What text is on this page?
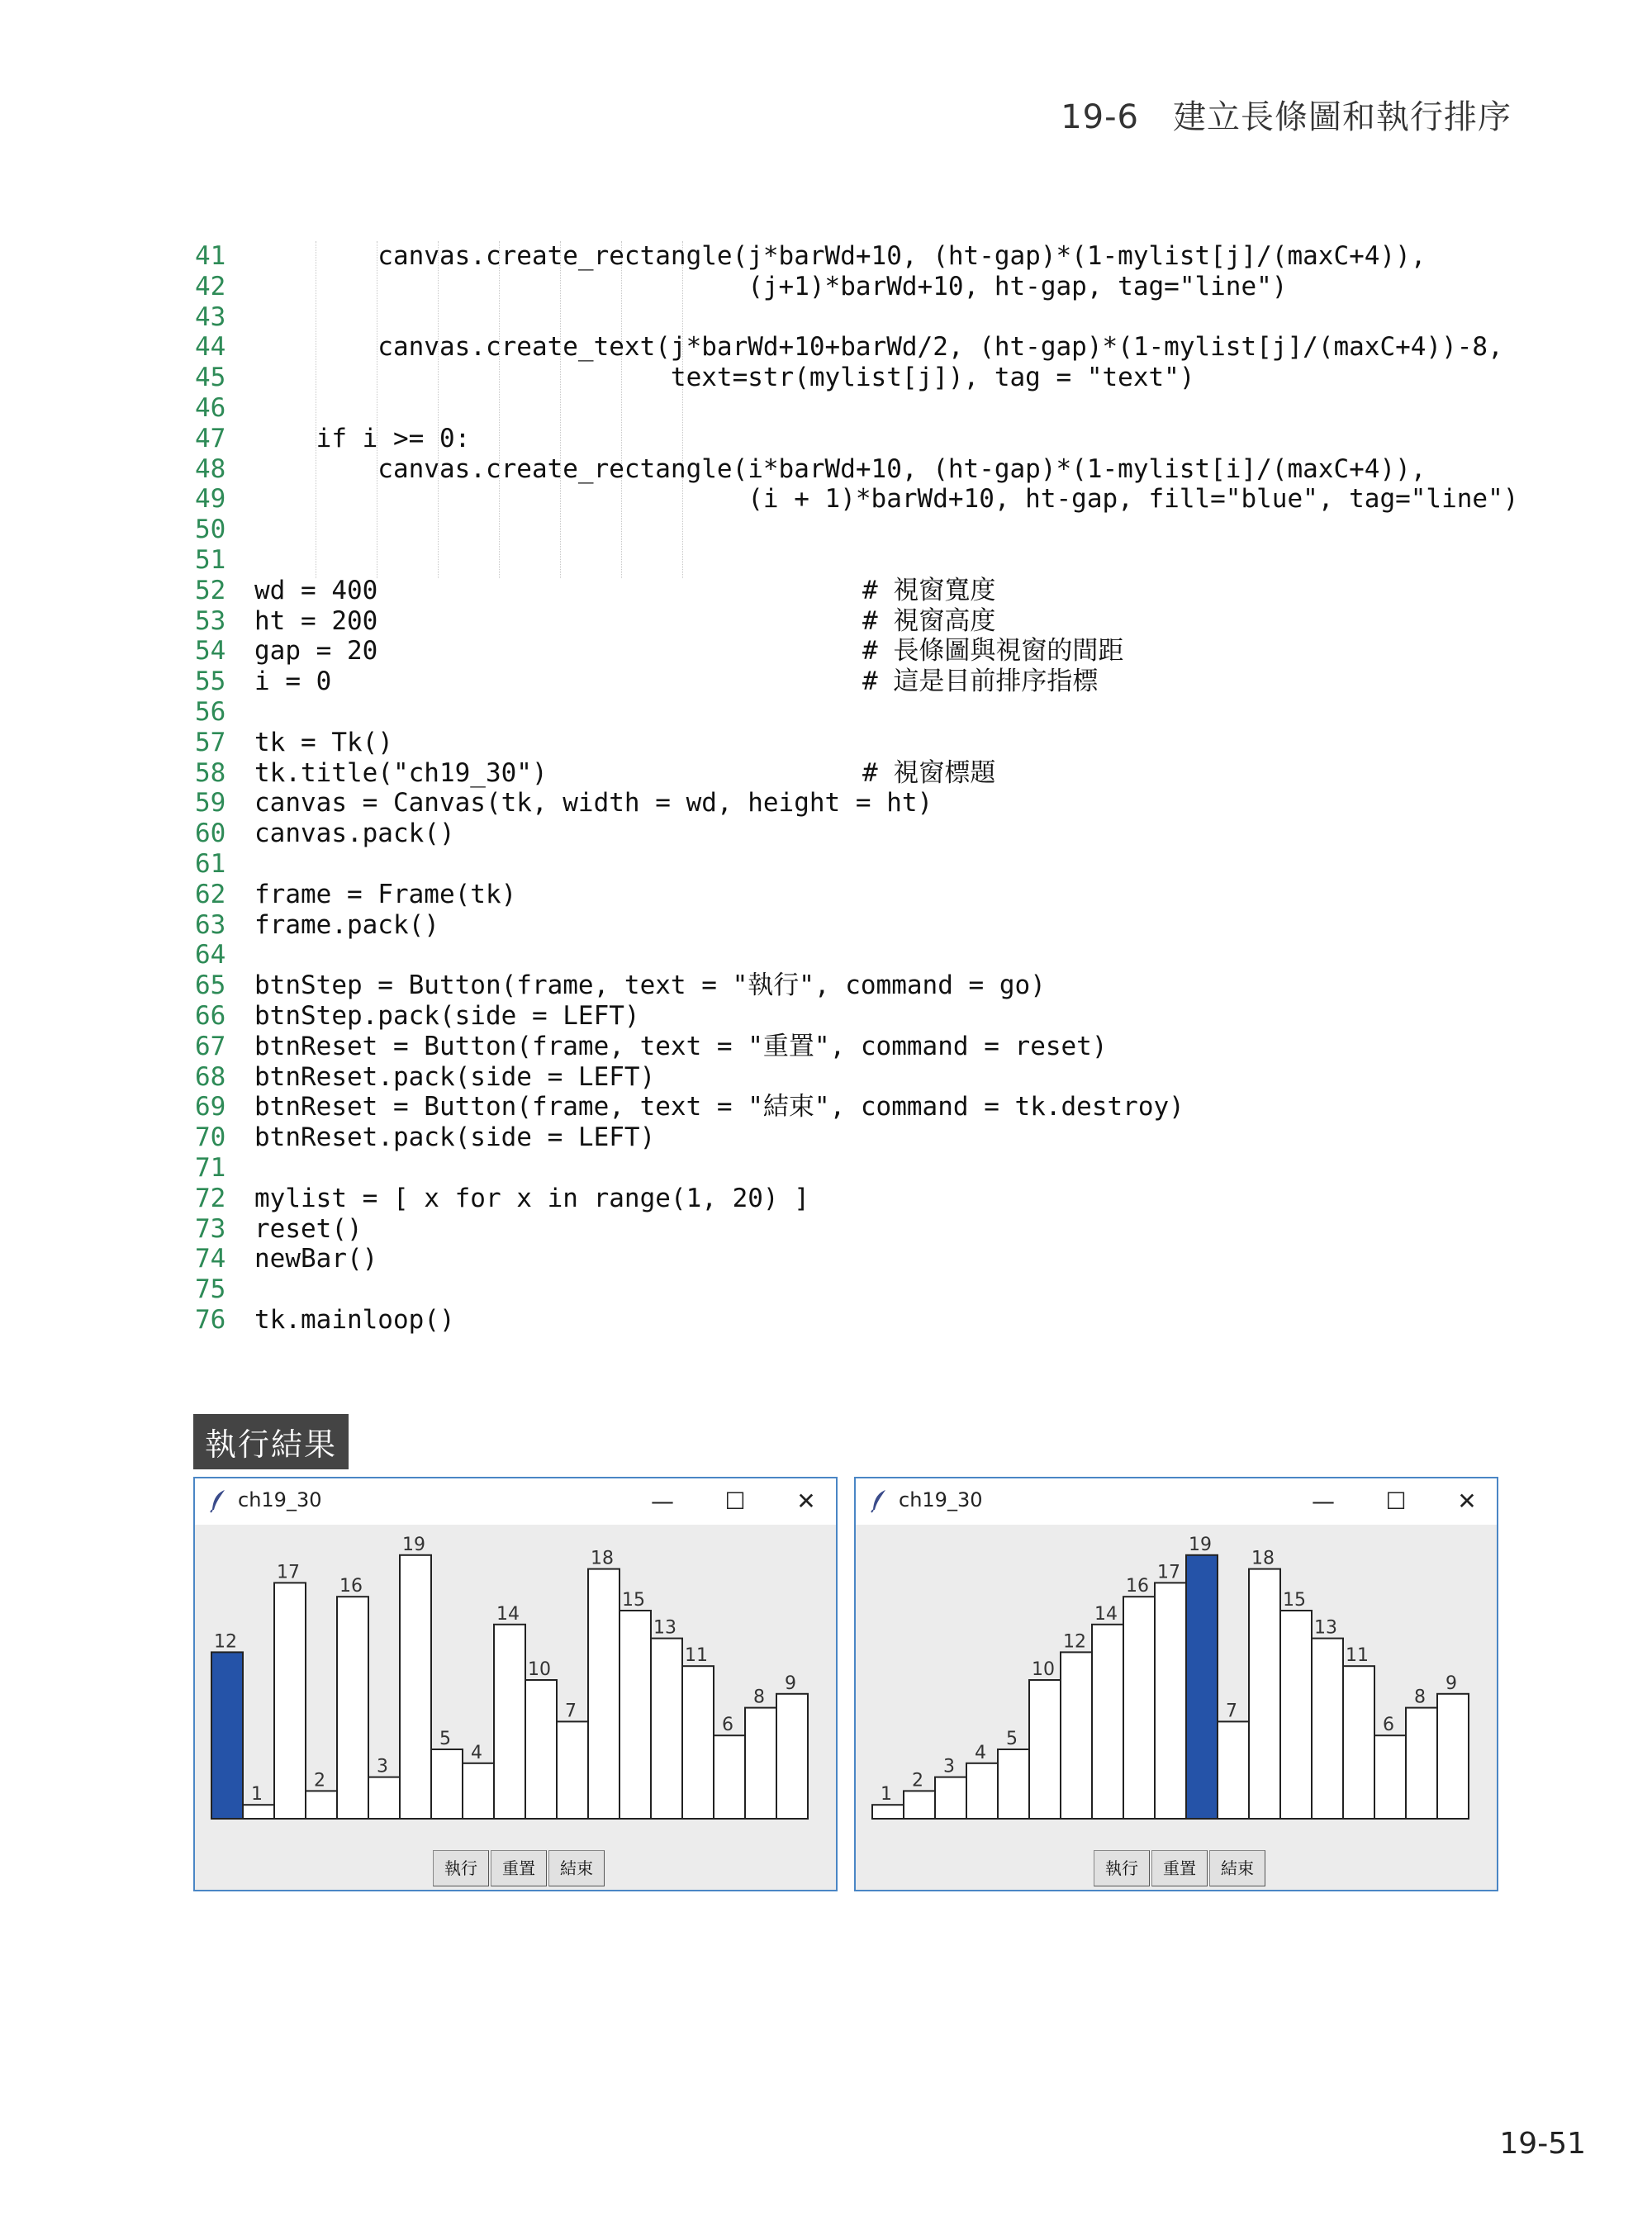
19-6　建立長條圖和執行排序
41	canvas.create_rectangle(j*barWd+10, (ht-gap)*(1-mylist[j]/(maxC+4)),
42	(j+1)*barWd+10, ht-gap, tag="line")
43
44	canvas.create_text(j*barWd+10+barWd/2, (ht-gap)*(1-mylist[j]/(maxC+4))-8,
45	text=str(mylist[j]), tag = "text")
46
47	if i >= 0:
48	canvas.create_rectangle(i*barWd+10, (ht-gap)*(1-mylist[i]/(maxC+4)),
49	(i + 1)*barWd+10, ht-gap, fill="blue", tag="line")
50
51
52	wd = 400	# 視窗寬度
53	ht = 200	# 視窗高度
54	gap = 20	# 長條圖與視窗的間距
55	i = 0	# 這是目前排序指標
56
57	tk = Tk()
58	tk.title("ch19_30")	# 視窗標題
59	canvas = Canvas(tk, width = wd, height = ht)
60	canvas.pack()
61
62	frame = Frame(tk)
63	frame.pack()
64
65	btnStep = Button(frame, text = "執行", command = go)
66	btnStep.pack(side = LEFT)
67	btnReset = Button(frame, text = "重置", command = reset)
68	btnReset.pack(side = LEFT)
69	btnReset = Button(frame, text = "結束", command = tk.destroy)
70	btnReset.pack(side = LEFT)
71
72	mylist = [ x for x in range(1, 20) ]
73	reset()
74	newBar()
75
76	tk.mainloop()
執行結果
ch19_30	—	☐	✕
12
1
17
2
16
3
19
5
4
14
10
7
18
15
13
11
6
8
9
執行	重置	結束
ch19_30	—	☐	✕
1
2
3
4
5
10
12
14
16
17
19
7
18
15
13
11
6
8
9
執行	重置	結束
19-51
